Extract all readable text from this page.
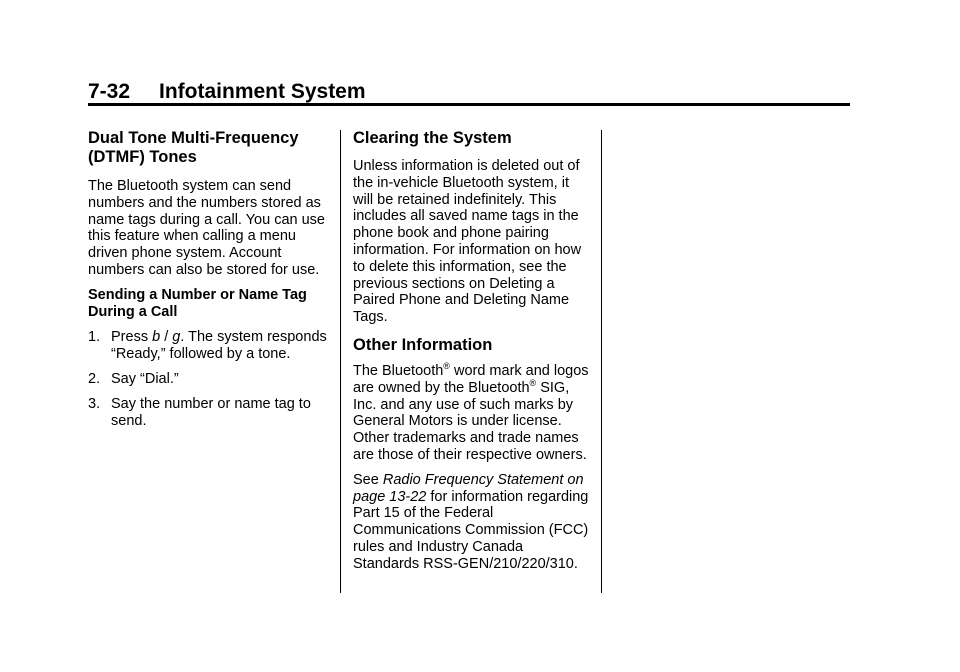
7-32 Infotainment System
Dual Tone Multi-Frequency (DTMF) Tones

The Bluetooth system can send numbers and the numbers stored as name tags during a call. You can use this feature when calling a menu driven phone system. Account numbers can also be stored for use.

Sending a Number or Name Tag During a Call

1. Press b / g. The system responds “Ready,” followed by a tone.
2. Say “Dial.”
3. Say the number or name tag to send.
Clearing the System

Unless information is deleted out of the in-vehicle Bluetooth system, it will be retained indefinitely. This includes all saved name tags in the phone book and phone pairing information. For information on how to delete this information, see the previous sections on Deleting a Paired Phone and Deleting Name Tags.

Other Information

The Bluetooth® word mark and logos are owned by the Bluetooth® SIG, Inc. and any use of such marks by General Motors is under license. Other trademarks and trade names are those of their respective owners.

See Radio Frequency Statement on page 13-22 for information regarding Part 15 of the Federal Communications Commission (FCC) rules and Industry Canada Standards RSS-GEN/210/220/310.
